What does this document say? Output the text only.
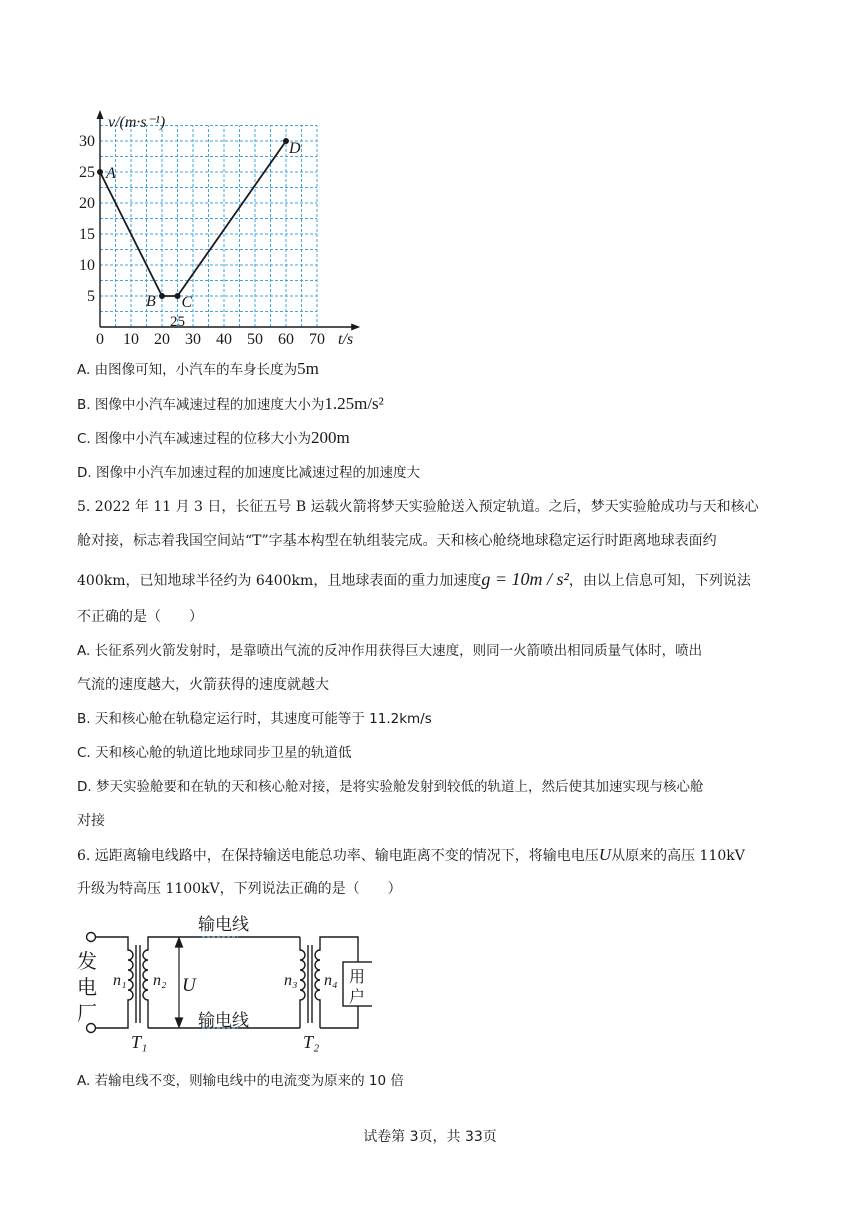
v/(m·s⁻¹)
t/s
5
10
15
20
25
30
0 10 20 30 40 50 60 70
25
A
B C
D
A. 由图像可知，小汽车的车身长度为5m
B. 图像中小汽车减速过程的加速度大小为1.25m/s²
C. 图像中小汽车减速过程的位移大小为200m
D. 图像中小汽车加速过程的加速度比减速过程的加速度大
5. 2022 年 11 月 3 日，长征五号 B 运载火箭将梦天实验舱送入预定轨道。之后，梦天实验舱成功与天和核心
舱对接，标志着我国空间站“T”字基本构型在轨组装完成。天和核心舱绕地球稳定运行时距离地球表面约
400km，已知地球半径约为 6400km，且地球表面的重力加速度g = 10m / s²，由以上信息可知，下列说法
不正确的是（　　）
A. 长征系列火箭发射时，是靠喷出气流的反冲作用获得巨大速度，则同一火箭喷出相同质量气体时，喷出
气流的速度越大，火箭获得的速度就越大
B. 天和核心舱在轨稳定运行时，其速度可能等于 11.2km/s
C. 天和核心舱的轨道比地球同步卫星的轨道低
D. 梦天实验舱要和在轨的天和核心舱对接，是将实验舱发射到较低的轨道上，然后使其加速实现与核心舱
对接
6. 远距离输电线路中，在保持输送电能总功率、输电距离不变的情况下，将输电电压U从原来的高压 110kV
升级为特高压 1100kV，下列说法正确的是（　　）
输电线
输电线
发
电
厂
用
户
n₁ n₂ U	n₃ n₄
T₁	T₂
A. 若输电线不变，则输电线中的电流变为原来的 10 倍
试卷第 3页，共 33页
